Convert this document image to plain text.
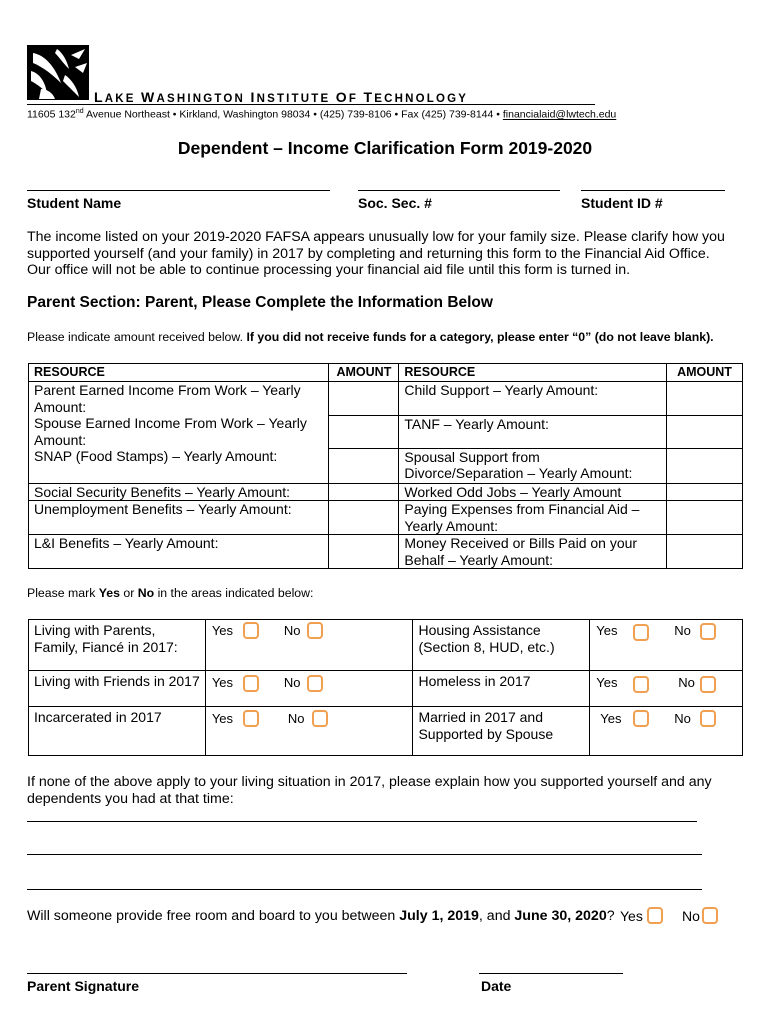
LAKE WASHINGTON INSTITUTE OF TECHNOLOGY
11605 132nd Avenue Northeast • Kirkland, Washington 98034 • (425) 739-8106 • Fax (425) 739-8144 • financialaid@lwtech.edu
Dependent – Income Clarification Form 2019-2020
Student Name	Soc. Sec. #	Student ID #
The income listed on your 2019-2020 FAFSA appears unusually low for your family size. Please clarify how you supported yourself (and your family) in 2017 by completing and returning this form to the Financial Aid Office. Our office will not be able to continue processing your financial aid file until this form is turned in.
Parent Section: Parent, Please Complete the Information Below
Please indicate amount received below. If you did not receive funds for a category, please enter “0” (do not leave blank).
RESOURCE	AMOUNT	RESOURCE	AMOUNT
Parent Earned Income From Work – Yearly Amount:		Child Support – Yearly Amount:	
Spouse Earned Income From Work – Yearly Amount:		TANF – Yearly Amount:	
SNAP (Food Stamps) – Yearly Amount:		Spousal Support from Divorce/Separation – Yearly Amount:	
Social Security Benefits – Yearly Amount:		Worked Odd Jobs – Yearly Amount	
Unemployment Benefits – Yearly Amount:		Paying Expenses from Financial Aid – Yearly Amount:	
L&I Benefits – Yearly Amount:		Money Received or Bills Paid on your Behalf – Yearly Amount:	
Please mark Yes or No in the areas indicated below:
Living with Parents, Family, Fiancé in 2017:	Yes No	Housing Assistance (Section 8, HUD, etc.)	Yes No

Living with Friends in 2017	Yes No	Homeless in 2017	Yes No

Incarcerated in 2017	Yes No	Married in 2017 and Supported by Spouse	Yes No
If none of the above apply to your living situation in 2017, please explain how you supported yourself and any dependents you had at that time:
Will someone provide free room and board to you between July 1, 2019, and June 30, 2020? Yes	No
Parent Signature	Date
